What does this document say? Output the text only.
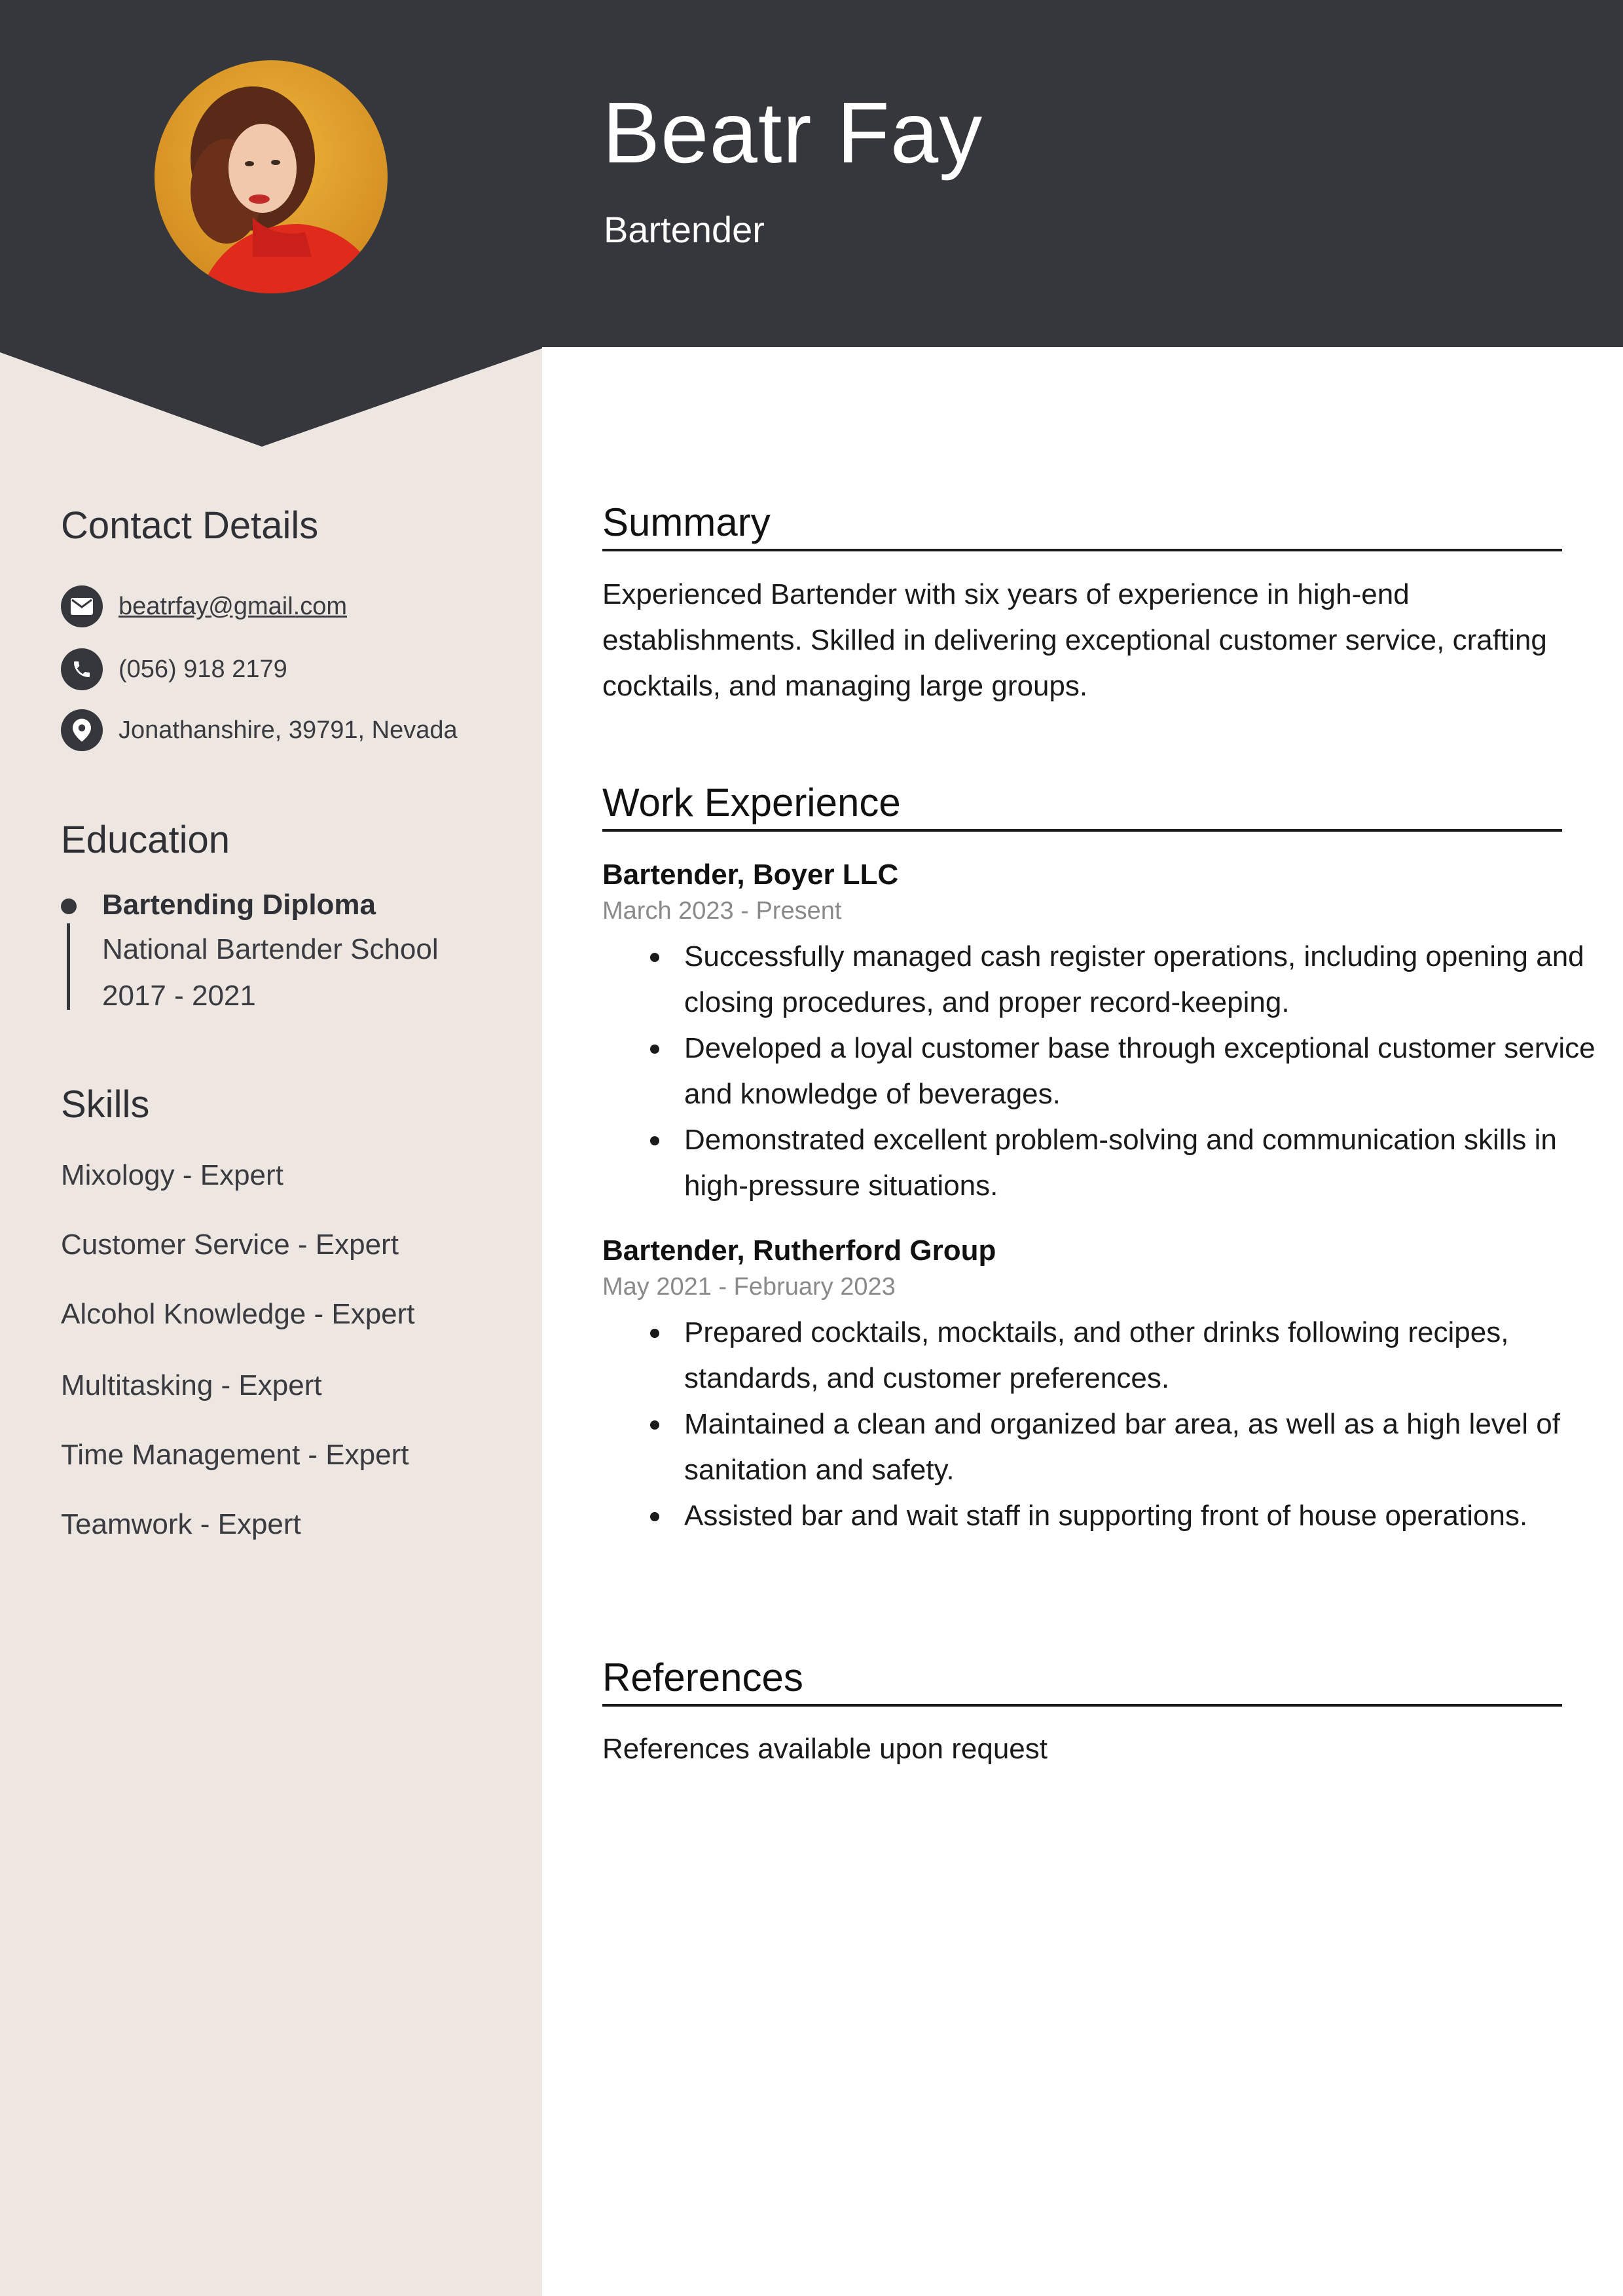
Beatr Fay
Bartender
Contact Details
beatrfay@gmail.com
(056) 918 2179
Jonathanshire, 39791, Nevada
Education
Bartending Diploma
National Bartender School
2017 - 2021
Skills
Mixology - Expert
Customer Service - Expert
Alcohol Knowledge - Expert
Multitasking - Expert
Time Management - Expert
Teamwork - Expert
Summary
Experienced Bartender with six years of experience in high-end establishments. Skilled in delivering exceptional customer service, crafting cocktails, and managing large groups.
Work Experience
Bartender, Boyer LLC
March 2023 - Present
Successfully managed cash register operations, including opening and closing procedures, and proper record-keeping.
Developed a loyal customer base through exceptional customer service and knowledge of beverages.
Demonstrated excellent problem-solving and communication skills in high-pressure situations.
Bartender, Rutherford Group
May 2021 - February 2023
Prepared cocktails, mocktails, and other drinks following recipes, standards, and customer preferences.
Maintained a clean and organized bar area, as well as a high level of sanitation and safety.
Assisted bar and wait staff in supporting front of house operations.
References
References available upon request
